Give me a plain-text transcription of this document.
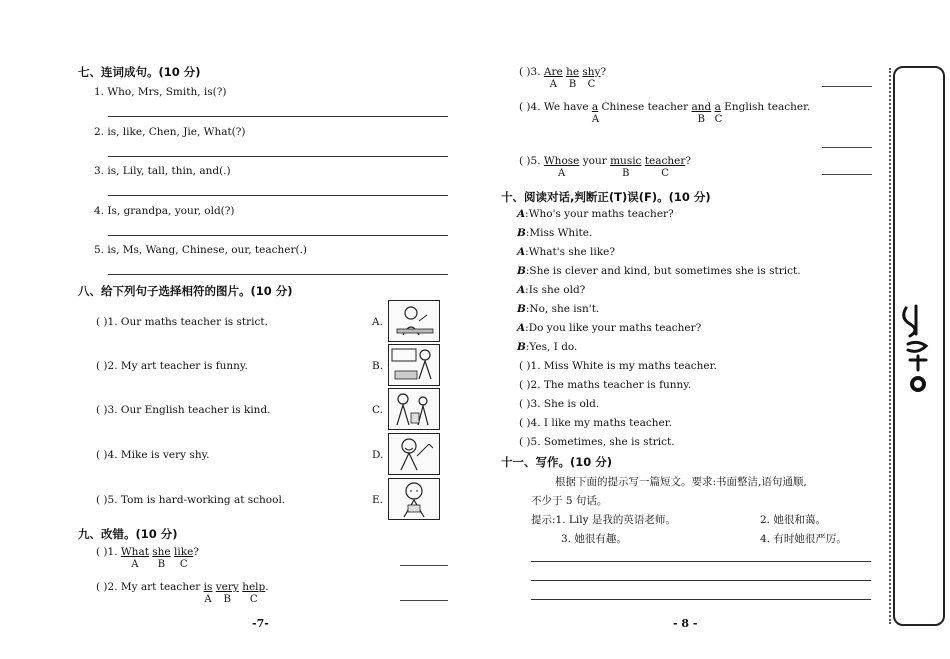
七、连词成句。(10 分)
1. Who, Mrs, Smith, is(?)
2. is, like, Chen, Jie, What(?)
3. is, Lily, tall, thin, and(.)
4. Is, grandpa, your, old(?)
5. is, Ms, Wang, Chinese, our, teacher(.)
八、给下列句子选择相符的图片。(10 分)
( )1. Our maths teacher is strict.
( )2. My art teacher is funny.
( )3. Our English teacher is kind.
( )4. Mike is very shy.
( )5. Tom is hard-working at school.
A.
B.
C.
D.
E.
九、改错。(10 分)
( )1. What
A
she
B
like
C
?
( )2. My art teacher $\frac{is}{A}$ very
B
help
C
.
-7-
( )3. Are
A
$\frac{he}{B}$ shy
C
?
( )4. We have $\frac{a}{A}$ Chinese teacher and
B
$\frac{a}{C}$ English teacher.
( )5. Whose
A
your music
B
teacher
C
?
十、阅读对话,判断正(T)误(F)。(10 分)
A:Who's your maths teacher?
B:Miss White.
A:What's she like?
B:She is clever and kind, but sometimes she is strict.
A:Is she old?
B:No, she isn't.
A:Do you like your maths teacher?
B:Yes, I do.
( )1. Miss White is my maths teacher.
( )2. The maths teacher is funny.
( )3. She is old.
( )4. I like my maths teacher.
( )5. Sometimes, she is strict.
十一、写作。(10 分)
根据下面的提示写一篇短文。要求:书面整洁,语句通顺,
不少于 5 句话。
提示:1. Lily 是我的英语老师。	2. 她很和蔼。
3. 她很有趣。	4. 有时她很严厉。
- 8 -
